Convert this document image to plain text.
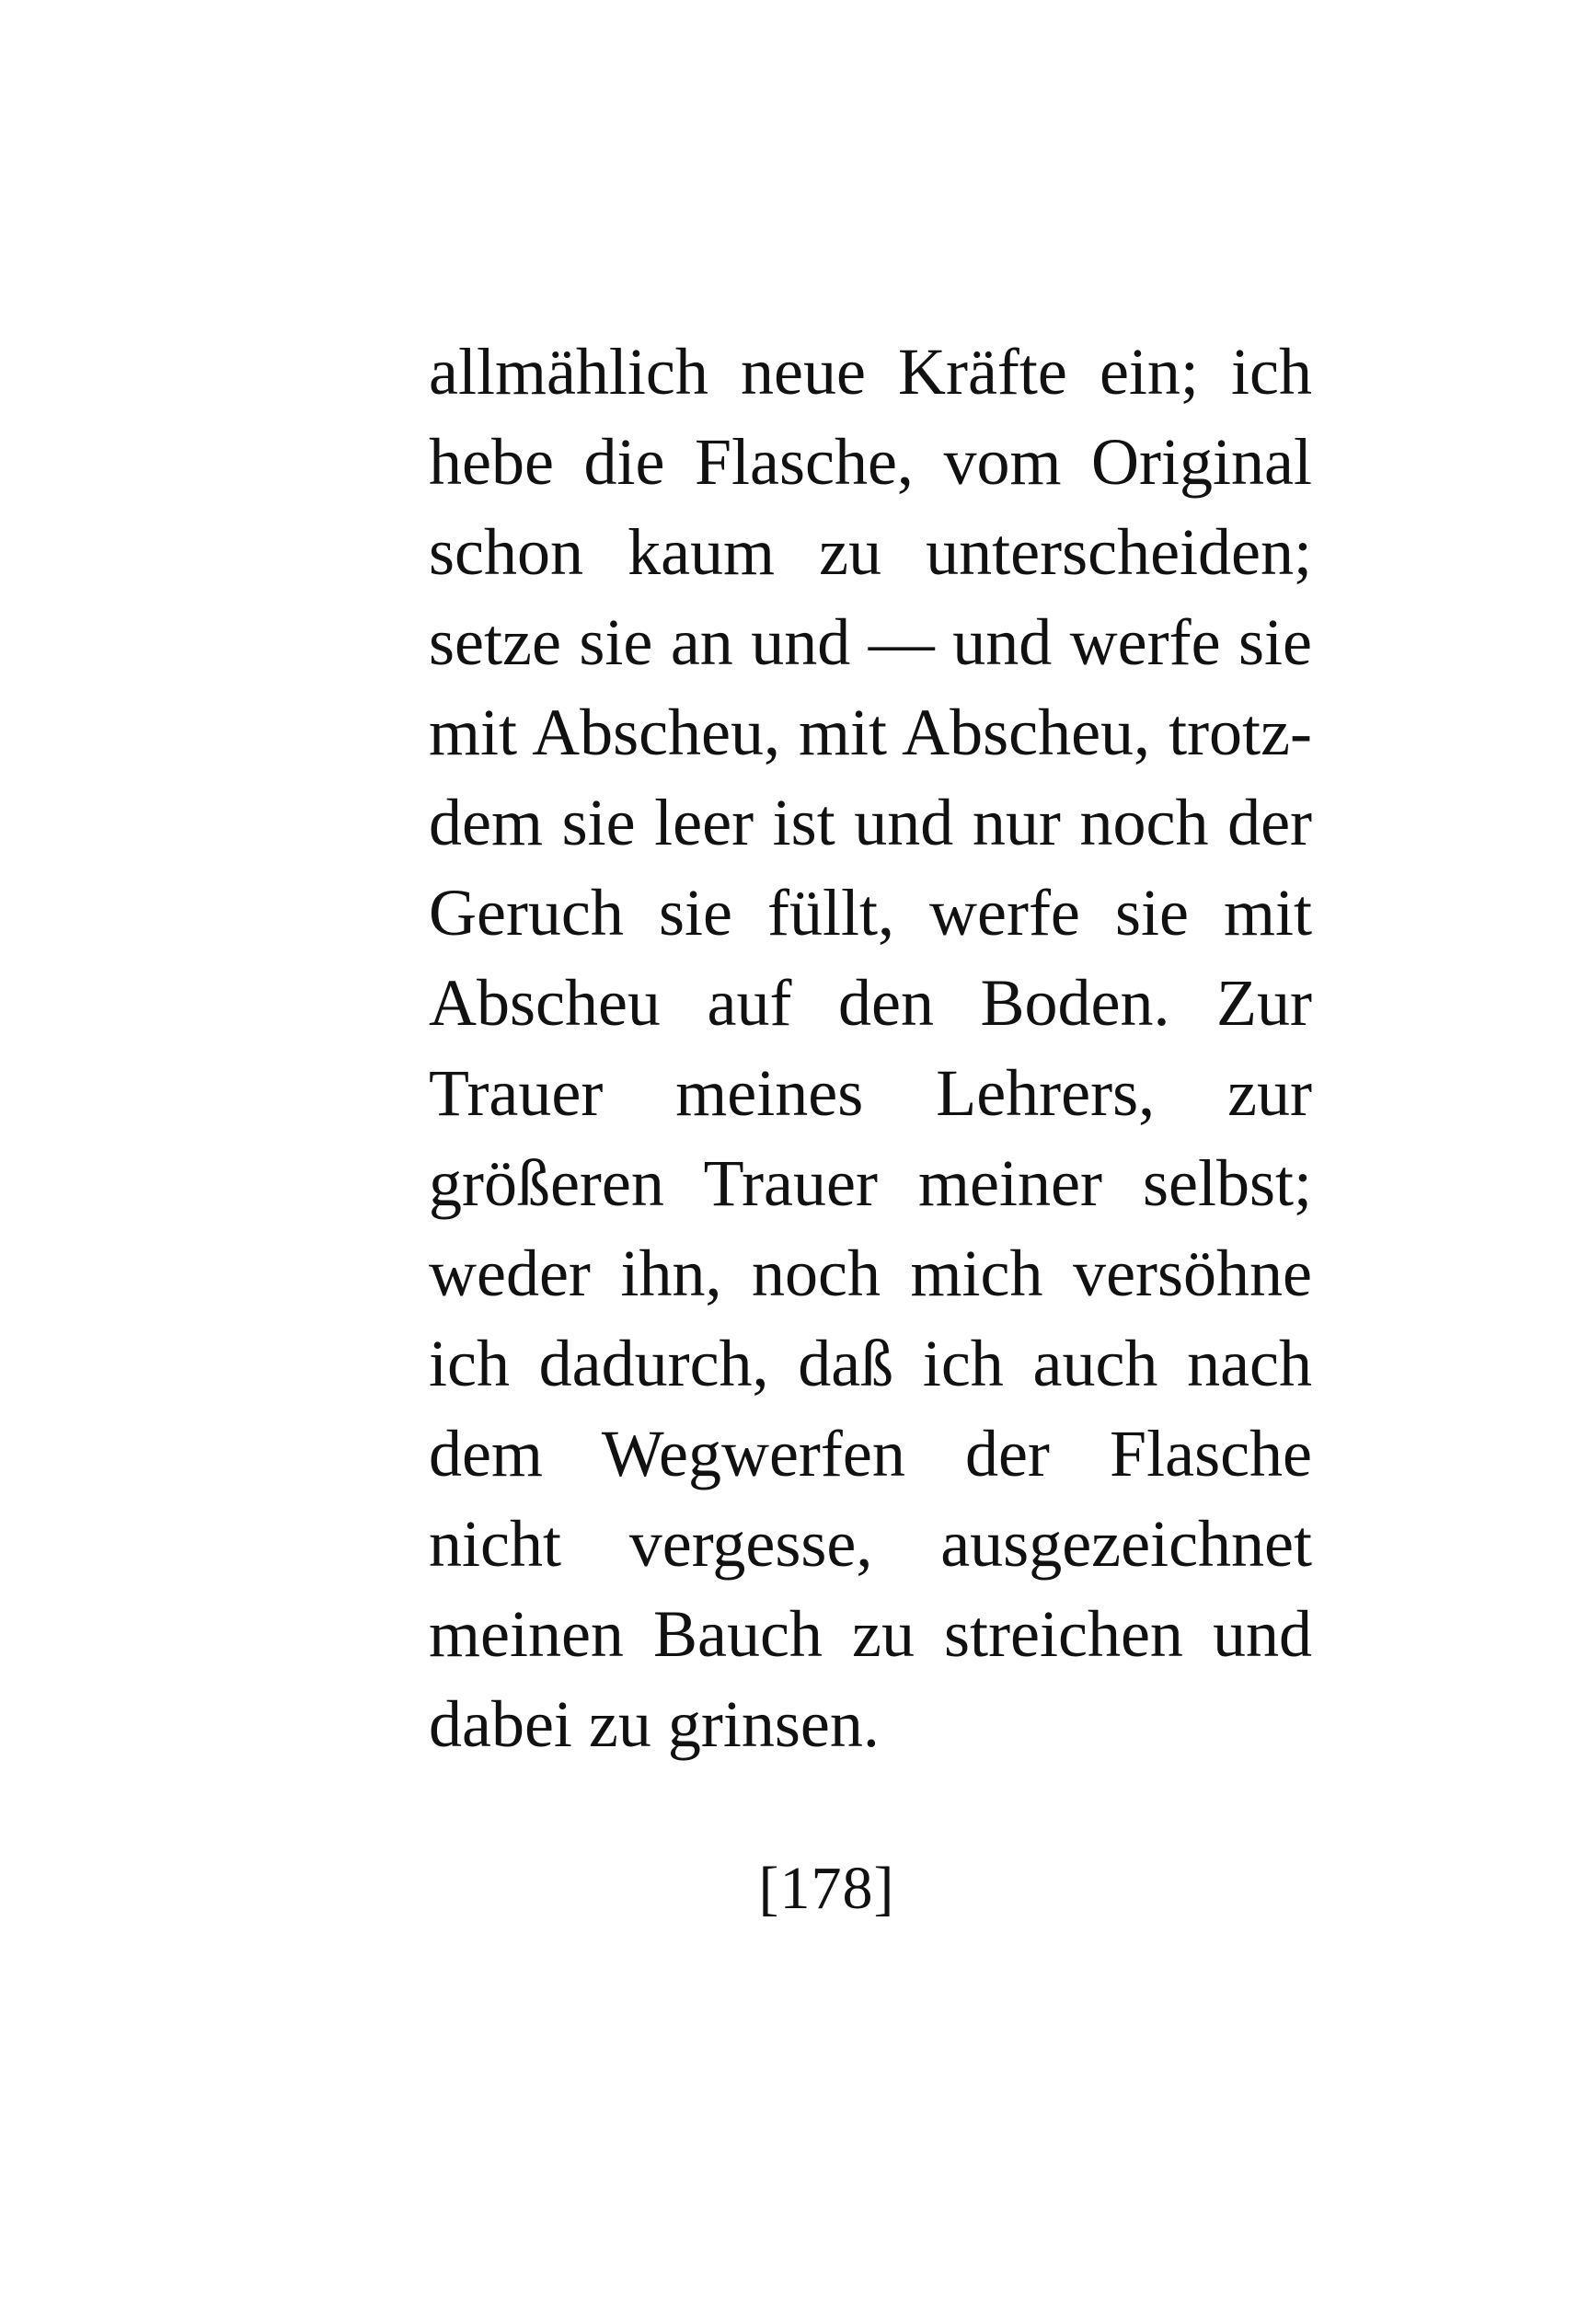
allmählich neue Kräfte ein; ich
hebe die Flasche, vom Original
schon kaum zu unterscheiden;
setze sie an und — und werfe sie
mit Abscheu, mit Abscheu, trotz-
dem sie leer ist und nur noch der
Geruch sie füllt, werfe sie mit
Abscheu auf den Boden. Zur
Trauer meines Lehrers, zur
größeren Trauer meiner selbst;
weder ihn, noch mich versöhne
ich dadurch, daß ich auch nach
dem Wegwerfen der Flasche
nicht vergesse, ausgezeichnet
meinen Bauch zu streichen und
dabei zu grinsen.
[178]
